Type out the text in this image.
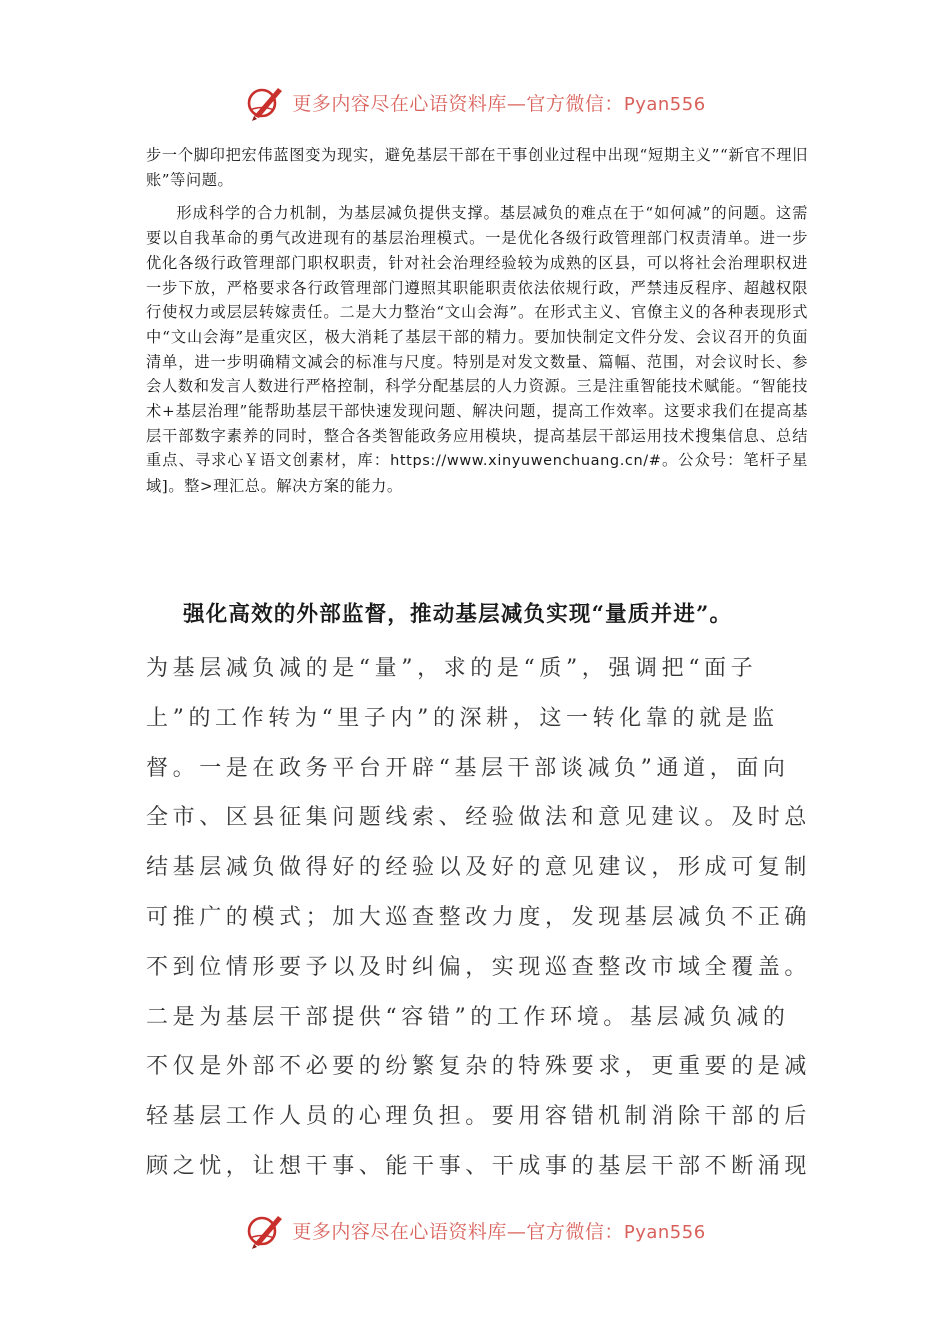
更多内容尽在心语资料库—官方微信：Pyan556

步一个脚印把宏伟蓝图变为现实，避免基层干部在干事创业过程中出现“短期主义”“新官不理旧账”等问题。

形成科学的合力机制，为基层减负提供支撑。基层减负的难点在于“如何减”的问题。这需要以自我革命的勇气改进现有的基层治理模式。一是优化各级行政管理部门权责清单。进一步优化各级行政管理部门职权职责，针对社会治理经验较为成熟的区县，可以将社会治理职权进一步下放，严格要求各行政管理部门遵照其职能职责依法依规行政，严禁违反程序、超越权限行使权力或层层转嫁责任。二是大力整治“文山会海”。在形式主义、官僚主义的各种表现形式中“文山会海”是重灾区，极大消耗了基层干部的精力。要加快制定文件分发、会议召开的负面清单，进一步明确精文减会的标准与尺度。特别是对发文数量、篇幅、范围，对会议时长、参会人数和发言人数进行严格控制，科学分配基层的人力资源。三是注重智能技术赋能。“智能技术+基层治理”能帮助基层干部快速发现问题、解决问题，提高工作效率。这要求我们在提高基层干部数字素养的同时，整合各类智能政务应用模块，提高基层干部运用技术搜集信息、总结重点、寻求心￥语文创素材，库：https://www.xinyuwenchuang.cn/#。公众号：笔杆子星域]。整>理汇总。解决方案的能力。

强化高效的外部监督，推动基层减负实现“量质并进”。

为基层减负减的是“量”，求的是“质”，强调把“面子
上”的工作转为“里子内”的深耕，这一转化靠的就是监
督。一是在政务平台开辟“基层干部谈减负”通道，面向
全市、区县征集问题线索、经验做法和意见建议。及时总
结基层减负做得好的经验以及好的意见建议，形成可复制
可推广的模式；加大巡查整改力度，发现基层减负不正确
不到位情形要予以及时纠偏，实现巡查整改市域全覆盖。
二是为基层干部提供“容错”的工作环境。基层减负减的
不仅是外部不必要的纷繁复杂的特殊要求，更重要的是减
轻基层工作人员的心理负担。要用容错机制消除干部的后
顾之忧，让想干事、能干事、干成事的基层干部不断涌现
更多内容尽在心语资料库—官方微信：Pyan556
